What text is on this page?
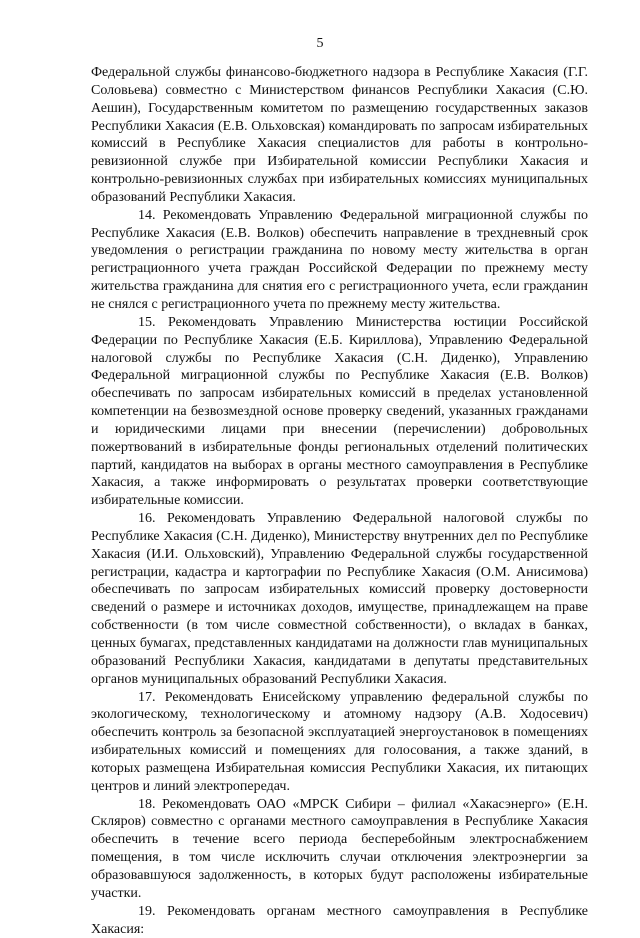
5

Федеральной службы финансово-бюджетного надзора в Республике Хакасия (Г.Г. Соловьева) совместно с Министерством финансов Республики Хакасия (С.Ю. Аешин), Государственным комитетом по размещению государственных заказов Республики Хакасия (Е.В. Ольховская) командировать по запросам избирательных комиссий в Республике Хакасия специалистов для работы в контрольно-ревизионной службе при Избирательной комиссии Республики Хакасия и контрольно-ревизионных службах при избирательных комиссиях муниципальных образований Республики Хакасия.

14. Рекомендовать Управлению Федеральной миграционной службы по Республике Хакасия (Е.В. Волков) обеспечить направление в трехдневный срок уведомления о регистрации гражданина по новому месту жительства в орган регистрационного учета граждан Российской Федерации по прежнему месту жительства гражданина для снятия его с регистрационного учета, если гражданин не снялся с регистрационного учета по прежнему месту жительства.

15. Рекомендовать Управлению Министерства юстиции Российской Федерации по Республике Хакасия (Е.Б. Кириллова), Управлению Федеральной налоговой службы по Республике Хакасия (С.Н. Диденко), Управлению Федеральной миграционной службы по Республике Хакасия (Е.В. Волков) обеспечивать по запросам избирательных комиссий в пределах установленной компетенции на безвозмездной основе проверку сведений, указанных гражданами и юридическими лицами при внесении (перечислении) добровольных пожертвований в избирательные фонды региональных отделений политических партий, кандидатов на выборах в органы местного самоуправления в Республике Хакасия, а также информировать о результатах проверки соответствующие избирательные комиссии.

16. Рекомендовать Управлению Федеральной налоговой службы по Республике Хакасия (С.Н. Диденко), Министерству внутренних дел по Республике Хакасия (И.И. Ольховский), Управлению Федеральной службы государственной регистрации, кадастра и картографии по Республике Хакасия (О.М. Анисимова) обеспечивать по запросам избирательных комиссий проверку достоверности сведений о размере и источниках доходов, имуществе, принадлежащем на праве собственности (в том числе совместной собственности), о вкладах в банках, ценных бумагах, представленных кандидатами на должности глав муниципальных образований Республики Хакасия, кандидатами в депутаты представительных органов муниципальных образований Республики Хакасия.

17. Рекомендовать Енисейскому управлению федеральной службы по экологическому, технологическому и атомному надзору (А.В. Ходосевич) обеспечить контроль за безопасной эксплуатацией энергоустановок в помещениях избирательных комиссий и помещениях для голосования, а также зданий, в которых размещена Избирательная комиссия Республики Хакасия, их питающих центров и линий электропередач.

18. Рекомендовать ОАО «МРСК Сибири – филиал «Хакасэнерго» (Е.Н. Скляров) совместно с органами местного самоуправления в Республике Хакасия обеспечить в течение всего периода бесперебойным электроснабжением помещения, в том числе исключить случаи отключения электроэнергии за образовавшуюся задолженность, в которых будут расположены избирательные участки.

19. Рекомендовать органам местного самоуправления в Республике Хакасия:
